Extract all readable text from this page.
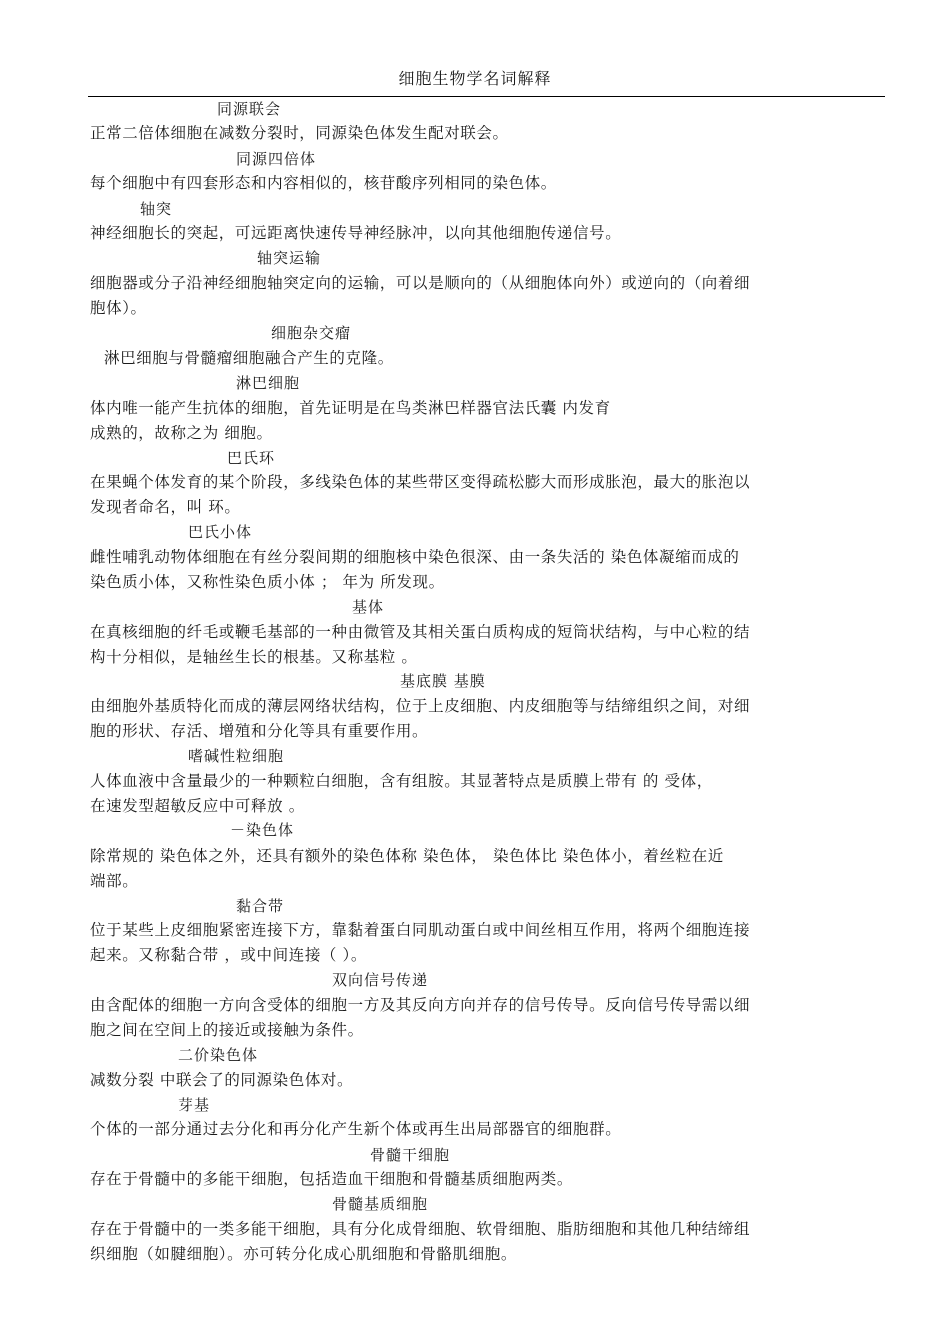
细胞生物学名词解释
同源联会
正常二倍体细胞在减数分裂时，同源染色体发生配对联会。
同源四倍体
每个细胞中有四套形态和内容相似的，核苷酸序列相同的染色体。
轴突
神经细胞长的突起，可远距离快速传导神经脉冲，以向其他细胞传递信号。
轴突运输
细胞器或分子沿神经细胞轴突定向的运输，可以是顺向的（从细胞体向外）或逆向的（向着细
胞体）。
细胞杂交瘤
淋巴细胞与骨髓瘤细胞融合产生的克隆。
淋巴细胞
体内唯一能产生抗体的细胞，首先证明是在鸟类淋巴样器官法氏囊 内发育
成熟的，故称之为 细胞。
巴氏环
在果蝇个体发育的某个阶段，多线染色体的某些带区变得疏松膨大而形成胀泡，最大的胀泡以
发现者命名，叫 环。
巴氏小体
雌性哺乳动物体细胞在有丝分裂间期的细胞核中染色很深、由一条失活的 染色体凝缩而成的
染色质小体，又称性染色质小体 ； 年为 所发现。
基体
在真核细胞的纤毛或鞭毛基部的一种由微管及其相关蛋白质构成的短筒状结构，与中心粒的结
构十分相似，是轴丝生长的根基。又称基粒 。
基底膜 基膜
由细胞外基质特化而成的薄层网络状结构，位于上皮细胞、内皮细胞等与结缔组织之间，对细
胞的形状、存活、增殖和分化等具有重要作用。
嗜碱性粒细胞
人体血液中含量最少的一种颗粒白细胞，含有组胺。其显著特点是质膜上带有 的 受体，
在速发型超敏反应中可释放 。
－染色体
除常规的 染色体之外，还具有额外的染色体称 染色体， 染色体比 染色体小，着丝粒在近
端部。
黏合带
位于某些上皮细胞紧密连接下方，靠黏着蛋白同肌动蛋白或中间丝相互作用，将两个细胞连接
起来。又称黏合带 ，或中间连接（ ）。
双向信号传递
由含配体的细胞一方向含受体的细胞一方及其反向方向并存的信号传导。反向信号传导需以细
胞之间在空间上的接近或接触为条件。
二价染色体
减数分裂 中联会了的同源染色体对。
芽基
个体的一部分通过去分化和再分化产生新个体或再生出局部器官的细胞群。
骨髓干细胞
存在于骨髓中的多能干细胞，包括造血干细胞和骨髓基质细胞两类。
骨髓基质细胞
存在于骨髓中的一类多能干细胞，具有分化成骨细胞、软骨细胞、脂肪细胞和其他几种结缔组
织细胞（如腱细胞）。亦可转分化成心肌细胞和骨骼肌细胞。
